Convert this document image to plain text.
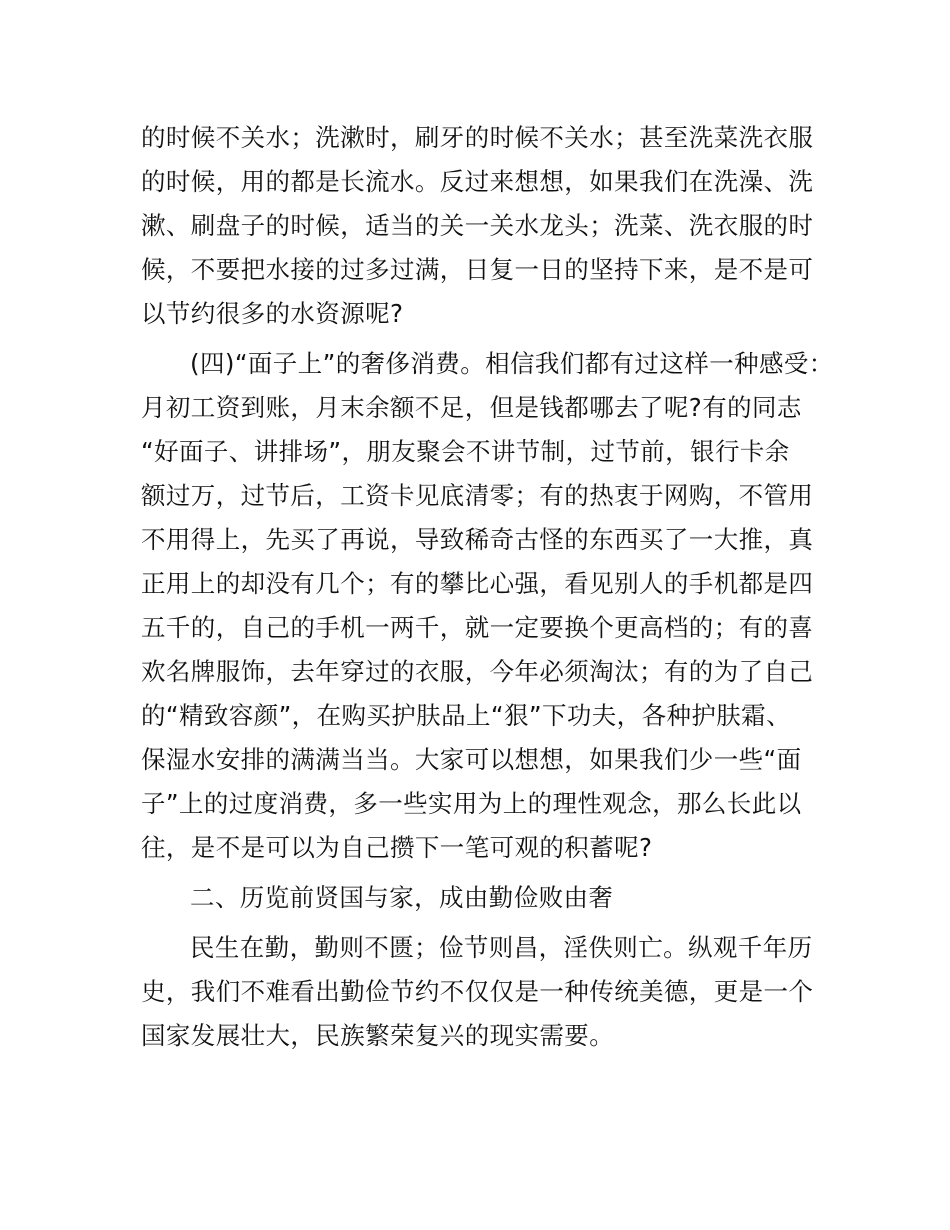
的时候不关水；洗漱时，刷牙的时候不关水；甚至洗菜洗衣服
的时候，用的都是长流水。反过来想想，如果我们在洗澡、洗
漱、刷盘子的时候，适当的关一关水龙头；洗菜、洗衣服的时
候，不要把水接的过多过满，日复一日的坚持下来，是不是可
以节约很多的水资源呢?
(四)“面子上”的奢侈消费。相信我们都有过这样一种感受：
月初工资到账，月末余额不足，但是钱都哪去了呢?有的同志
“好面子、讲排场”，朋友聚会不讲节制，过节前，银行卡余
额过万，过节后，工资卡见底清零；有的热衷于网购，不管用
不用得上，先买了再说，导致稀奇古怪的东西买了一大推，真
正用上的却没有几个；有的攀比心强，看见别人的手机都是四
五千的，自己的手机一两千，就一定要换个更高档的；有的喜
欢名牌服饰，去年穿过的衣服，今年必须淘汰；有的为了自己
的“精致容颜”，在购买护肤品上“狠”下功夫，各种护肤霜、
保湿水安排的满满当当。大家可以想想，如果我们少一些“面
子”上的过度消费，多一些实用为上的理性观念，那么长此以
往，是不是可以为自己攒下一笔可观的积蓄呢?
二、历览前贤国与家，成由勤俭败由奢
民生在勤，勤则不匮；俭节则昌，淫佚则亡。纵观千年历
史，我们不难看出勤俭节约不仅仅是一种传统美德，更是一个
国家发展壮大，民族繁荣复兴的现实需要。
